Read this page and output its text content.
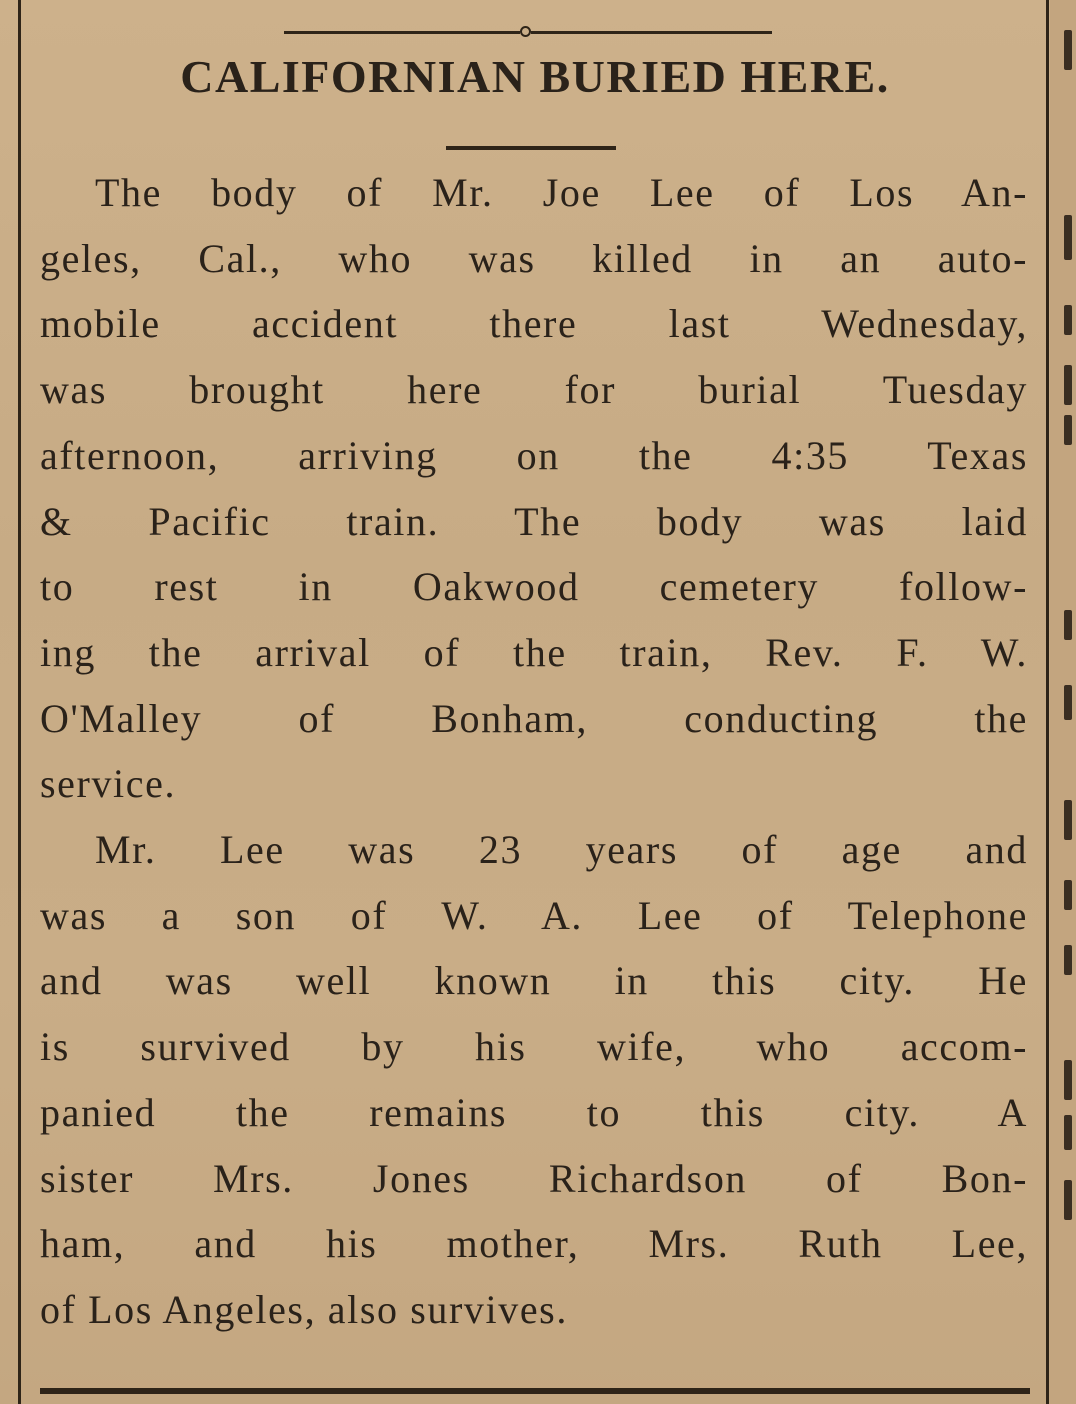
CALIFORNIAN BURIED HERE.
The body of Mr. Joe Lee of Los An-
geles, Cal., who was killed in an auto-
mobile accident there last Wednesday,
was brought here for burial Tuesday
afternoon, arriving on the 4:35 Texas
& Pacific train. The body was laid
to rest in Oakwood cemetery follow-
ing the arrival of the train, Rev. F. W.
O'Malley of Bonham, conducting the
service.
Mr. Lee was 23 years of age and
was a son of W. A. Lee of Telephone
and was well known in this city. He
is survived by his wife, who accom-
panied the remains to this city. A
sister Mrs. Jones Richardson of Bon-
ham, and his mother, Mrs. Ruth Lee,
of Los Angeles, also survives.
